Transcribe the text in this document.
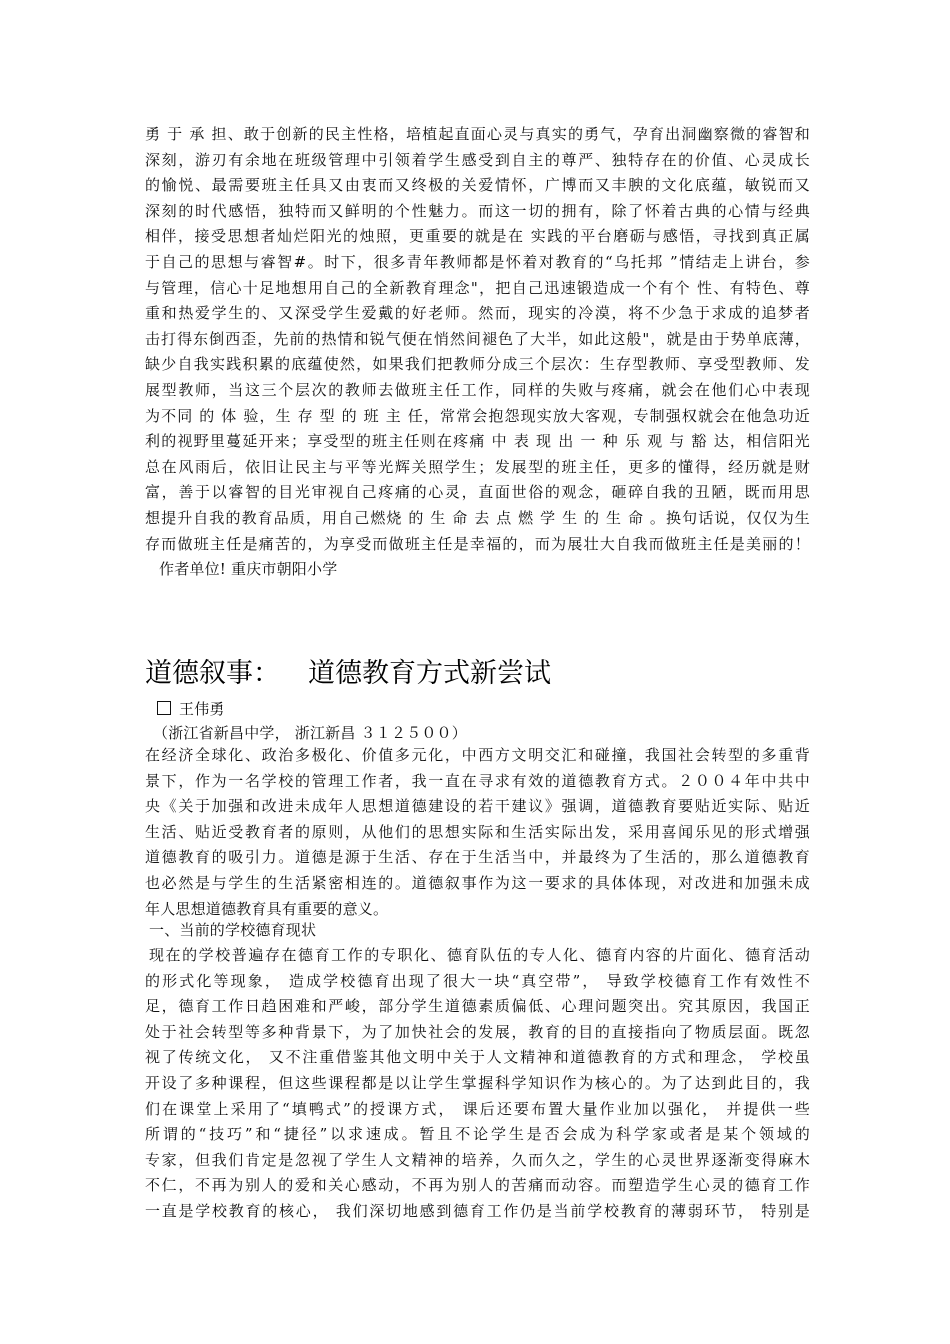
勇 于 承 担、敢于创新的民主性格，培植起直面心灵与真实的勇气，孕育出洞幽察微的睿智和
深刻，游刃有余地在班级管理中引领着学生感受到自主的尊严、独特存在的价值、心灵成长
的愉悦、最需要班主任具又由衷而又终极的关爱情怀，广博而又丰腴的文化底蕴，敏锐而又
深刻的时代感悟，独特而又鲜明的个性魅力。而这一切的拥有，除了怀着古典的心情与经典
相伴，接受思想者灿烂阳光的烛照，更重要的就是在 实践的平台磨砺与感悟，寻找到真正属
于自己的思想与睿智#。时下，很多青年教师都是怀着对教育的“乌托邦 ”情结走上讲台，参
与管理，信心十足地想用自己的全新教育理念"，把自己迅速锻造成一个有个 性、有特色、尊
重和热爱学生的、又深受学生爱戴的好老师。然而，现实的冷漠，将不少急于求成的追梦者
击打得东倒西歪，先前的热情和锐气便在悄然间褪色了大半，如此这般"，就是由于势单底薄，
缺少自我实践积累的底蕴使然，如果我们把教师分成三个层次：生存型教师、享受型教师、发
展型教师，当这三个层次的教师去做班主任工作，同样的失败与疼痛，就会在他们心中表现
为不同 的 体 验，生 存 型 的 班 主 任，常常会抱怨现实放大客观，专制强权就会在他急功近
利的视野里蔓延开来；享受型的班主任则在疼痛 中 表 现 出 一 种 乐 观 与 豁 达，相信阳光
总在风雨后，依旧让民主与平等光辉关照学生；发展型的班主任，更多的懂得，经历就是财
富，善于以睿智的目光审视自己疼痛的心灵，直面世俗的观念，砸碎自我的丑陋，既而用思
想提升自我的教育品质，用自己燃烧 的 生 命 去 点 燃 学 生 的 生 命 。换句话说，仅仅为生
存而做班主任是痛苦的，为享受而做班主任是幸福的，而为展壮大自我而做班主任是美丽的！
作者单位! 重庆市朝阳小学
道德叙事： 道德教育方式新尝试
王伟勇
（浙江省新昌中学， 浙江新昌 ３１２５００）
在经济全球化、政治多极化、价值多元化，中西方文明交汇和碰撞，我国社会转型的多重背
景下，作为一名学校的管理工作者，我一直在寻求有效的道德教育方式。２００４年中共中
央《关于加强和改进未成年人思想道德建设的若干建议》强调，道德教育要贴近实际、贴近
生活、贴近受教育者的原则，从他们的思想实际和生活实际出发，采用喜闻乐见的形式增强
道德教育的吸引力。道德是源于生活、存在于生活当中，并最终为了生活的，那么道德教育
也必然是与学生的生活紧密相连的。道德叙事作为这一要求的具体体现，对改进和加强未成
年人思想道德教育具有重要的意义。
一、当前的学校德育现状
现在的学校普遍存在德育工作的专职化、德育队伍的专人化、德育内容的片面化、德育活动
的形式化等现象， 造成学校德育出现了很大一块“真空带”， 导致学校德育工作有效性不
足，德育工作日趋困难和严峻，部分学生道德素质偏低、心理问题突出。究其原因，我国正
处于社会转型等多种背景下，为了加快社会的发展，教育的目的直接指向了物质层面。既忽
视了传统文化， 又不注重借鉴其他文明中关于人文精神和道德教育的方式和理念， 学校虽
开设了多种课程，但这些课程都是以让学生掌握科学知识作为核心的。为了达到此目的，我
们在课堂上采用了“填鸭式”的授课方式， 课后还要布置大量作业加以强化， 并提供一些
所谓的“技巧”和“捷径”以求速成。暂且不论学生是否会成为科学家或者是某个领域的
专家，但我们肯定是忽视了学生人文精神的培养，久而久之，学生的心灵世界逐渐变得麻木
不仁，不再为别人的爱和关心感动，不再为别人的苦痛而动容。而塑造学生心灵的德育工作
一直是学校教育的核心， 我们深切地感到德育工作仍是当前学校教育的薄弱环节， 特别是
